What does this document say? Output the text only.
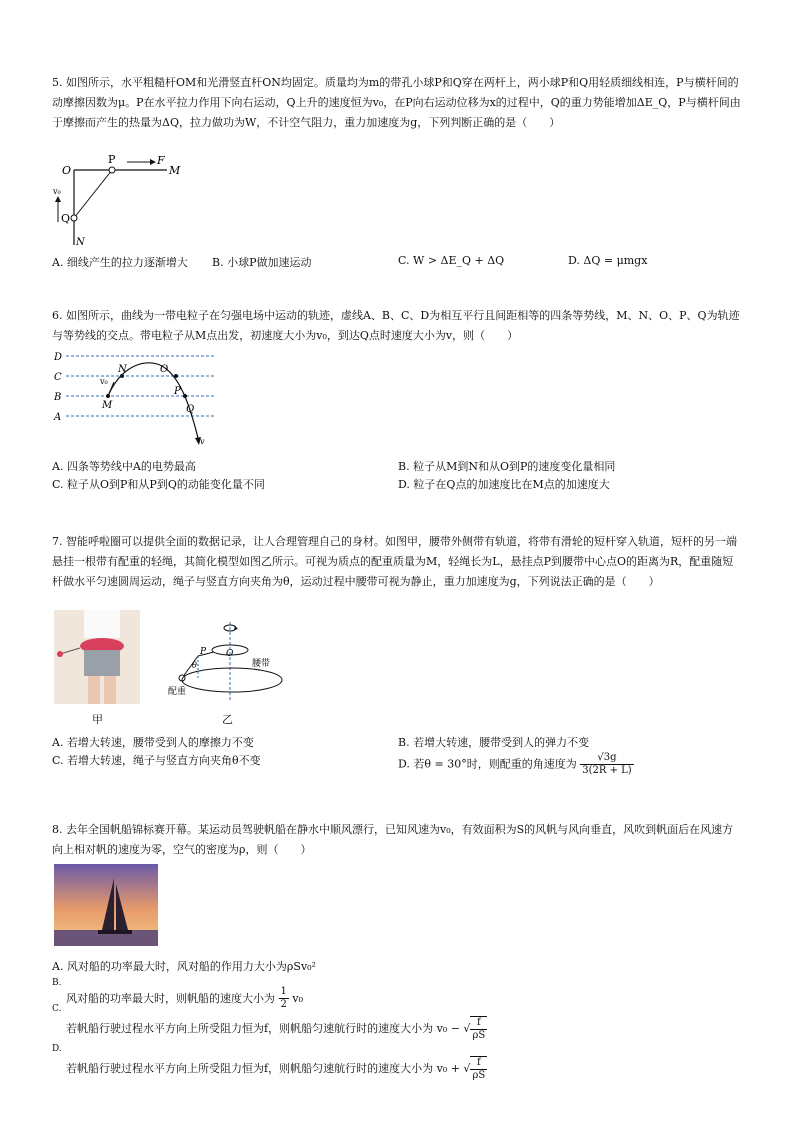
5. 如图所示，水平粗糙杆OM和光滑竖直杆ON均固定。质量均为m的带孔小球P和Q穿在两杆上，两小球P和Q用轻质细线相连，P与横杆间的动摩擦因数为μ。P在水平拉力作用下向右运动，Q上升的速度恒为v₀，在P向右运动位移为x的过程中，Q的重力势能增加ΔE_Q，P与横杆间由于摩擦而产生的热量为ΔQ，拉力做功为W，不计空气阻力，重力加速度为g，下列判断正确的是（　　）

O
P	F
M
Q
N
v₀
A. 细线产生的拉力逐渐增大 B. 小球P做加速运动	C. W > ΔE_Q + ΔQ	D. ΔQ = μmgx

6. 如图所示，曲线为一带电粒子在匀强电场中运动的轨迹，虚线A、B、C、D为相互平行且间距相等的四条等势线，M、N、O、P、Q为轨迹与等势线的交点。带电粒子从M点出发，初速度大小为v₀，到达Q点时速度大小为v，则（　　）

D
C
B
A
N	O
P
Q
M
v₀
v
A. 四条等势线中A的电势最高	B. 粒子从M到N和从O到P的速度变化量相同
C. 粒子从O到P和从P到Q的动能变化量不同	D. 粒子在Q点的加速度比在M点的加速度大

7. 智能呼啦圈可以提供全面的数据记录，让人合理管理自己的身材。如图甲，腰带外侧带有轨道，将带有滑轮的短杆穿入轨道，短杆的另一端悬挂一根带有配重的轻绳，其简化模型如图乙所示。可视为质点的配重质量为M，轻绳长为L，悬挂点P到腰带中心点O的距离为R，配重随短杆做水平匀速圆周运动，绳子与竖直方向夹角为θ，运动过程中腰带可视为静止，重力加速度为g，下列说法正确的是（　　）

甲
O
P
θ	腰带
配重
乙
A. 若增大转速，腰带受到人的摩擦力不变	B. 若增大转速，腰带受到人的弹力不变
C. 若增大转速，绳子与竖直方向夹角θ不变	D. 若θ = 30°时，则配重的角速度为 $\frac{√3g}{3(2R + L)}$

8. 去年全国帆船锦标赛开幕。某运动员驾驶帆船在静水中顺风漂行，已知风速为v₀，有效面积为S的风帆与风向垂直，风吹到帆面后在风速方向上相对帆的速度为零，空气的密度为ρ，则（　　）

A. 风对船的功率最大时，风对船的作用力大小为ρSv₀²
B.
风对船的功率最大时，则帆船的速度大小为 $\frac{1}{2} v_0$
C.
若帆船行驶过程水平方向上所受阻力恒为f，则帆船匀速航行时的速度大小为 v₀ − √ $\frac{f}{\rho S}$
D.
若帆船行驶过程水平方向上所受阻力恒为f，则帆船匀速航行时的速度大小为 v₀ + √ $\frac{f}{\rho S}$
